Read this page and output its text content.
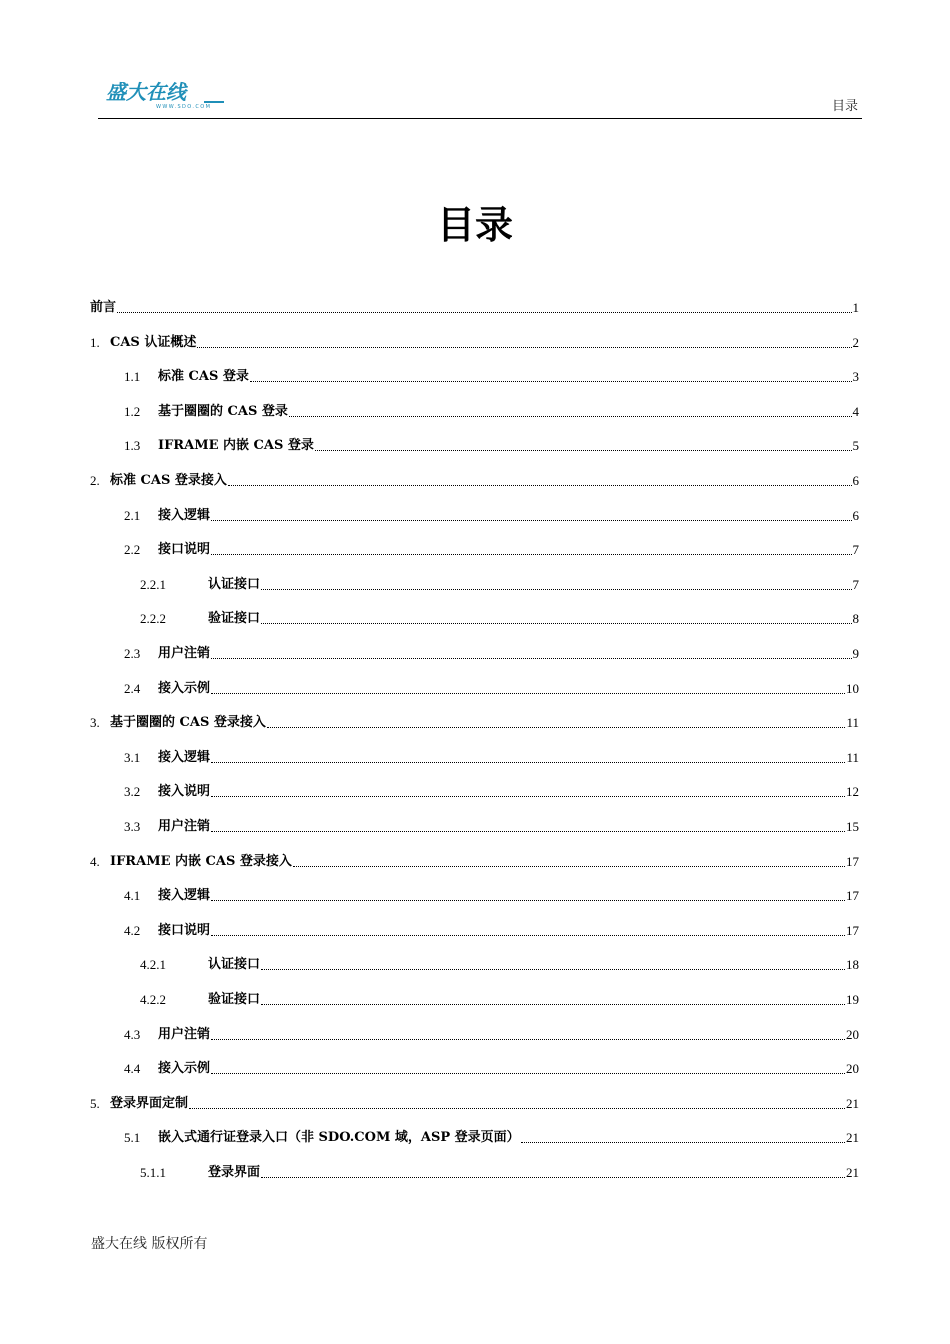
盛大在线
WWW.SDO.COM	目录
目录
前言	1
1. CAS 认证概述	2
1.1	标准 CAS 登录	3
1.2	基于圈圈的 CAS 登录	4
1.3	IFRAME 内嵌 CAS 登录	5
2. 标准 CAS 登录接入	6
2.1	接入逻辑	6
2.2	接口说明	7
2.2.1	认证接口	7
2.2.2	验证接口	8
2.3	用户注销	9
2.4	接入示例	10
3. 基于圈圈的 CAS 登录接入	11
3.1	接入逻辑	11
3.2	接入说明	12
3.3	用户注销	15
4. IFRAME 内嵌 CAS 登录接入	17
4.1	接入逻辑	17
4.2	接口说明	17
4.2.1	认证接口	18
4.2.2	验证接口	19
4.3	用户注销	20
4.4	接入示例	20
5. 登录界面定制	21
5.1	嵌入式通行证登录入口（非 SDO.COM 域，ASP 登录页面）	21
5.1.1	登录界面	21
盛大在线 版权所有
